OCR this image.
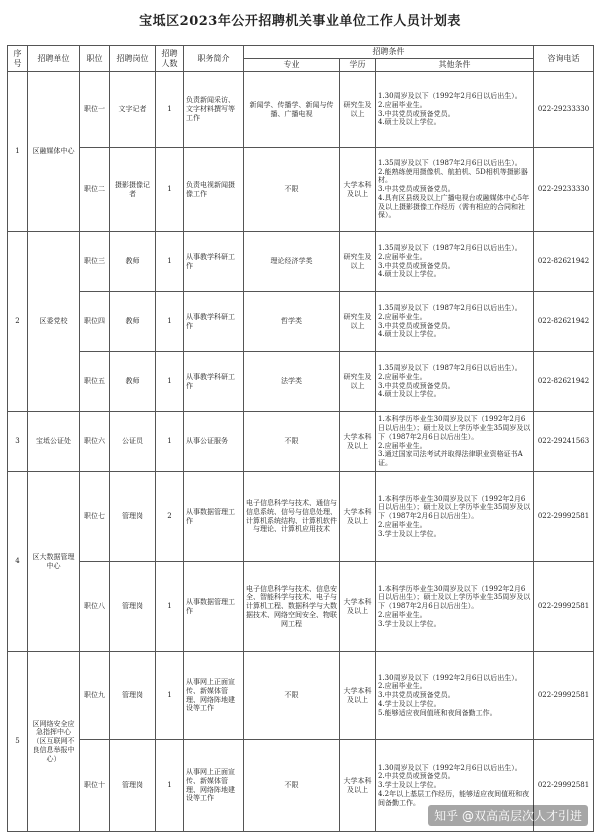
宝坻区2023年公开招聘机关事业单位工作人员计划表
序号	招聘单位	职位	招聘岗位	招聘人数	职务简介	招聘条件			咨询电话
						专业	学历	其他条件	
1	区融媒体中心	职位一	文字记者	1	负责新闻采访、文字材料撰写等工作	新闻学、传播学、新闻与传播、广播电视	研究生及以上	1.30周岁及以下（1992年2月6日以后出生）。

2.应届毕业生。

3.中共党员或预备党员。

4.硕士及以上学位。	022-29233330
		职位二	摄影摄像记者	1	负责电视新闻摄像工作	不限	大学本科及以上	1.35周岁及以下（1987年2月6日以后出生）。

2.能熟练使用摄像机、航拍机、5D相机等摄影器材。

3.中共党员或预备党员。

4.具有区县级及以上广播电视台或融媒体中心5年及以上摄影摄像工作经历（需有相应的合同和社保）。	022-29233330
2	区委党校	职位三	教师	1	从事教学科研工作	理论经济学类	研究生及以上	1.35周岁及以下（1987年2月6日以后出生）。

2.应届毕业生。

3.中共党员或预备党员。

4.硕士及以上学位。	022-82621942
		职位四	教师	1	从事教学科研工作	哲学类	研究生及以上	1.35周岁及以下（1987年2月6日以后出生）。

2.应届毕业生。

3.中共党员或预备党员。

4.硕士及以上学位。	022-82621942
		职位五	教师	1	从事教学科研工作	法学类	研究生及以上	1.35周岁及以下（1987年2月6日以后出生）。

2.应届毕业生。

3.中共党员或预备党员。

4.硕士及以上学位。	022-82621942
3	宝坻公证处	职位六	公证员	1	从事公证服务	不限	大学本科及以上	1.本科学历毕业生30周岁及以下（1992年2月6日以后出生）；硕士及以上学历毕业生35周岁及以下（1987年2月6日以后出生）。

2.应届毕业生。

3.通过国家司法考试并取得法律职业资格证书A证。	022-29241563
4	区大数据管理中心	职位七	管理岗	2	从事数据管理工作	电子信息科学与技术、通信与信息系统、信号与信息处理、计算机系统结构、计算机软件与理论、计算机应用技术	大学本科及以上	1.本科学历毕业生30周岁及以下（1992年2月6日以后出生）；硕士及以上学历毕业生35周岁及以下（1987年2月6日以后出生）。

2.应届毕业生。

3.学士及以上学位。	022-29992581
		职位八	管理岗	1	从事数据管理工作	电子信息科学与技术、信息安全、智能科学与技术、电子与计算机工程、数据科学与大数据技术、网络空间安全、物联网工程	大学本科及以上	1.本科学历毕业生30周岁及以下（1992年2月6日以后出生）；硕士及以上学历毕业生35周岁及以下（1987年2月6日以后出生）。

2.应届毕业生。

3.学士及以上学位。	022-29992581
5	区网络安全应急指挥中心（区互联网不良信息举报中心）	职位九	管理岗	1	从事网上正面宣传、新媒体管理、网络阵地建设等工作	不限	大学本科及以上	1.30周岁及以下（1992年2月6日以后出生）。

2.应届毕业生。

3.中共党员或预备党员。

4.学士及以上学位。

5.能够适应夜间值班和夜间备勤工作。	022-29992581
		职位十	管理岗	1	从事网上正面宣传、新媒体管理、网络阵地建设等工作	不限	大学本科及以上	1.30周岁及以下（1992年2月6日以后出生）。

2.中共党员或预备党员。

3.学士及以上学位。

4.2年以上基层工作经历，能够适应夜间值班和夜间备勤工作。	022-29992581
知乎 @双高高层次人才引进
